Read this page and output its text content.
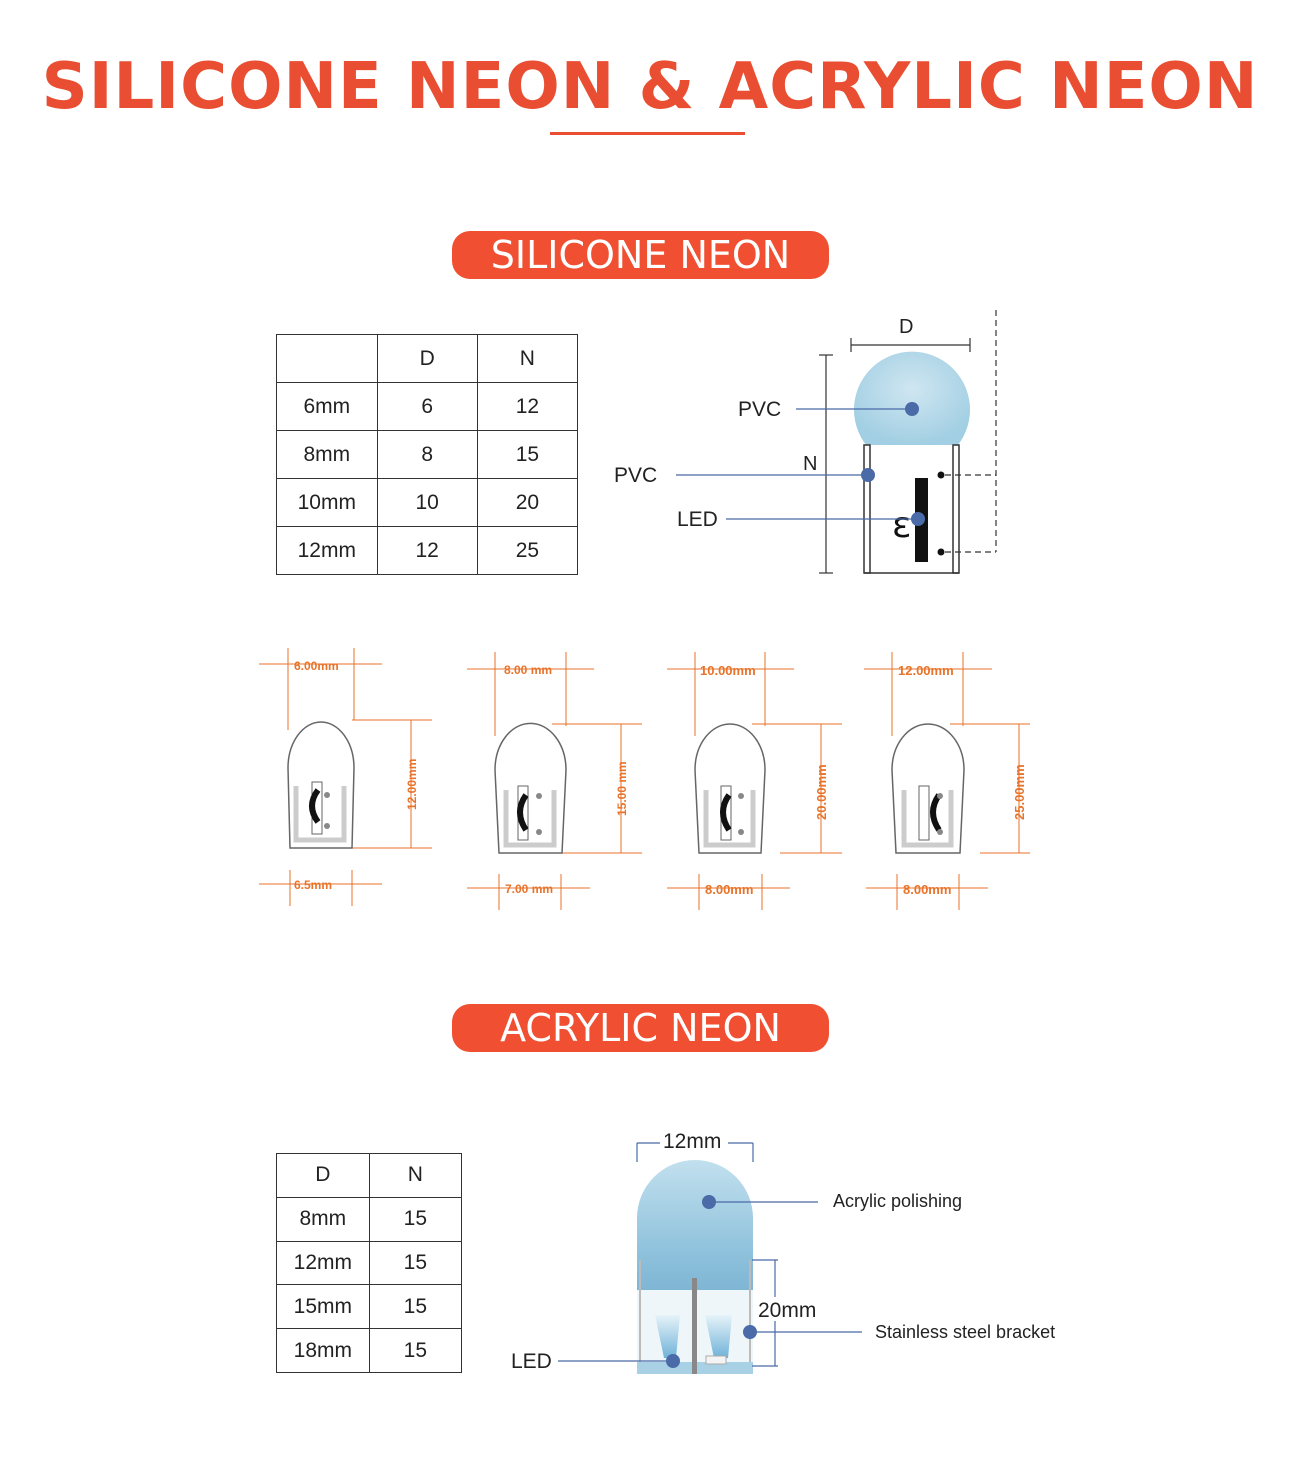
SILICONE NEON & ACRYLIC NEON
SILICONE NEON
	D	N
6mm	6	12
8mm	8	15
10mm	10	20
12mm	12	25
ε
D
N
PVC
PVC
LED
6.00mm
12.00mm
6.5mm
8.00 mm
15.00 mm
7.00 mm
10.00mm
20.00mm
8.00mm
12.00mm
25.00mm
8.00mm
ACRYLIC NEON
D	N
8mm	15
12mm	15
15mm	15
18mm	15
12mm
20mm
Acrylic polishing
Stainless steel bracket
LED
